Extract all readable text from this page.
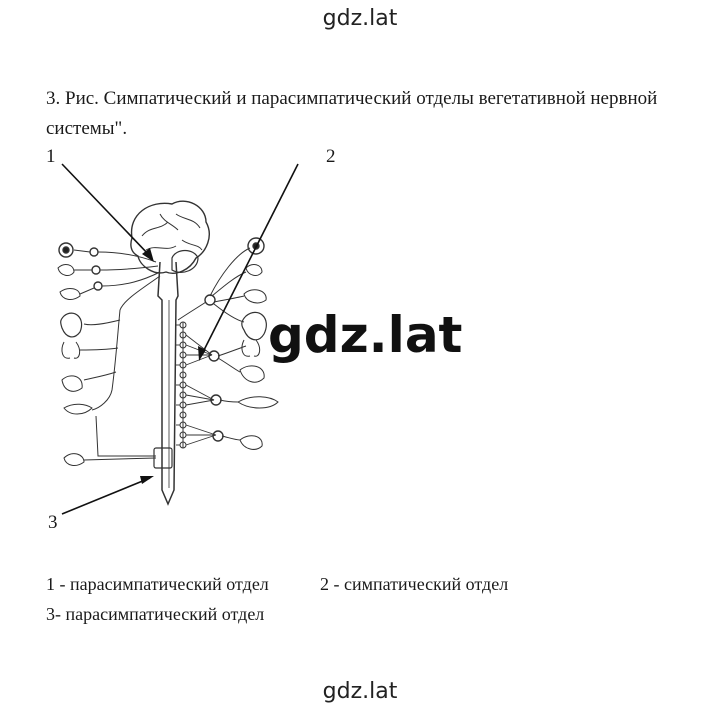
gdz.lat
3. Рис. Симпатический и парасимпатический отделы вегетативной нервной системы".
1	2
3
gdz.lat
1 - парасимпатический отдел	2 - симпатический отдел
3- парасимпатический отдел
gdz.lat
